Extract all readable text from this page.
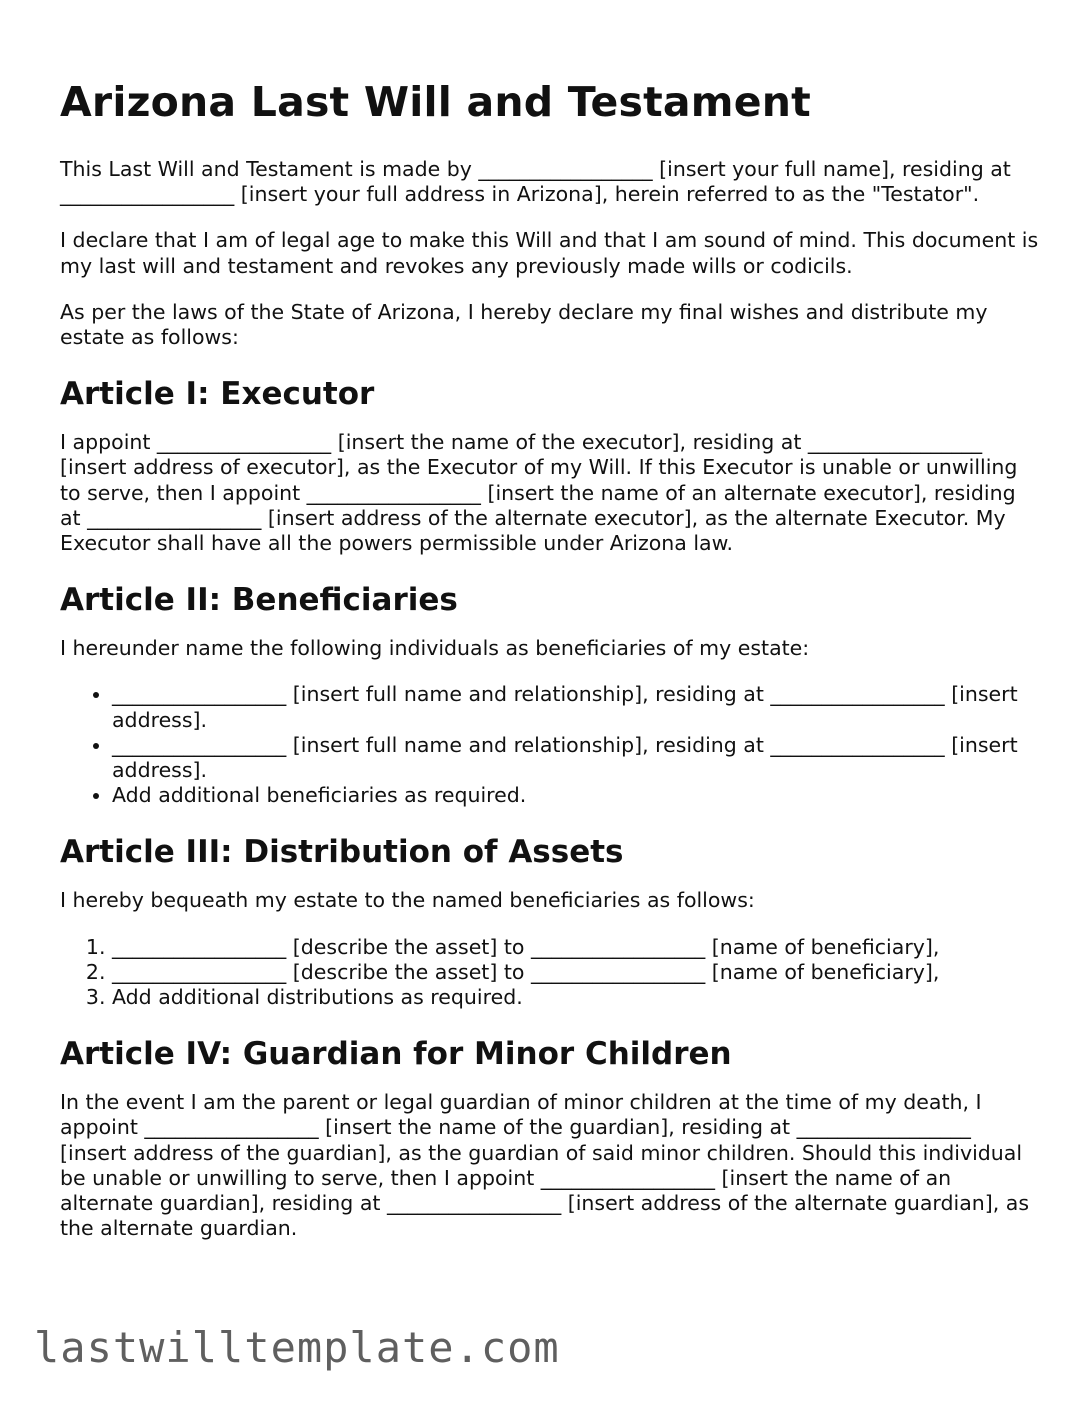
Arizona Last Will and Testament

This Last Will and Testament is made by _________________ [insert your full name], residing at _________________ [insert your full address in Arizona], herein referred to as the "Testator".

I declare that I am of legal age to make this Will and that I am sound of mind. This document is my last will and testament and revokes any previously made wills or codicils.

As per the laws of the State of Arizona, I hereby declare my final wishes and distribute my estate as follows:

Article I: Executor

I appoint _________________ [insert the name of the executor], residing at _________________ [insert address of executor], as the Executor of my Will. If this Executor is unable or unwilling to serve, then I appoint _________________ [insert the name of an alternate executor], residing at _________________ [insert address of the alternate executor], as the alternate Executor. My Executor shall have all the powers permissible under Arizona law.

Article II: Beneficiaries

I hereunder name the following individuals as beneficiaries of my estate:

• _________________ [insert full name and relationship], residing at _________________ [insert address].
• _________________ [insert full name and relationship], residing at _________________ [insert address].
• Add additional beneficiaries as required.
Article III: Distribution of Assets

I hereby bequeath my estate to the named beneficiaries as follows:

1. _________________ [describe the asset] to _________________ [name of beneficiary],
2. _________________ [describe the asset] to _________________ [name of beneficiary],
3. Add additional distributions as required.
Article IV: Guardian for Minor Children

In the event I am the parent or legal guardian of minor children at the time of my death, I appoint _________________ [insert the name of the guardian], residing at _________________ [insert address of the guardian], as the guardian of said minor children. Should this individual be unable or unwilling to serve, then I appoint _________________ [insert the name of an alternate guardian], residing at _________________ [insert address of the alternate guardian], as the alternate guardian.

lastwilltemplate.com
